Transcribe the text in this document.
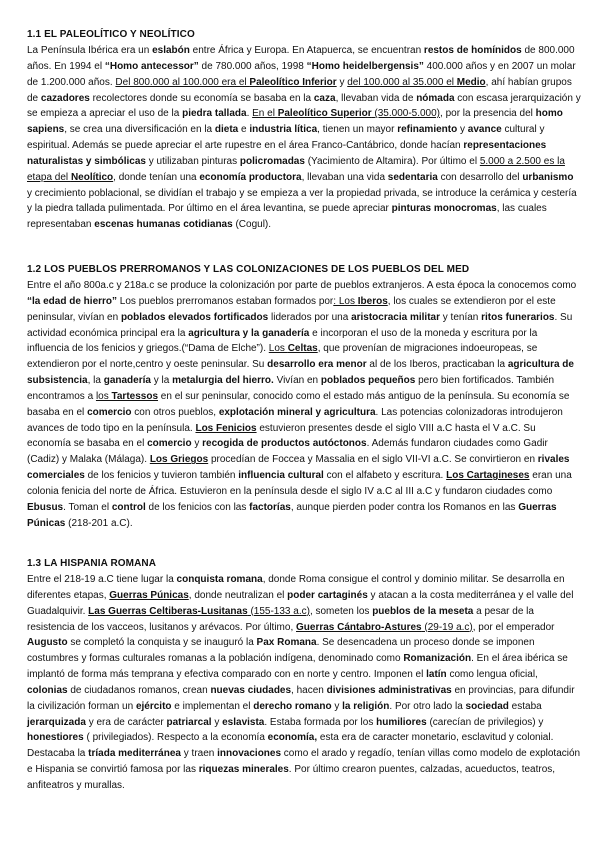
1.1 EL PALEOLÍTICO Y NEOLÍTICO

La Península Ibérica era un eslabón entre África y Europa. En Atapuerca, se encuentran restos de homínidos de 800.000 años. En 1994 el “Homo antecessor” de 780.000 años, 1998 “Homo heidelbergensis” 400.000 años y en 2007 un molar de 1.200.000 años. Del 800.000 al 100.000 era el Paleolítico Inferior y del 100.000 al 35.000 el Medio, ahí habían grupos de cazadores recolectores donde su economía se basaba en la caza, llevaban vida de nómada con escasa jerarquización y se empieza a apreciar el uso de la piedra tallada. En el Paleolítico Superior (35.000-5.000), por la presencia del homo sapiens, se crea una diversificación en la dieta e industria lítica, tienen un mayor refinamiento y avance cultural y espiritual. Además se puede apreciar el arte rupestre en el área Franco-Cantábrico, donde hacían representaciones naturalistas y simbólicas y utilizaban pinturas policromadas (Yacimiento de Altamira). Por último el 5.000 a 2.500 es la etapa del Neolítico, donde tenían una economía productora, llevaban una vida sedentaria con desarrollo del urbanismo y crecimiento poblacional, se dividían el trabajo y se empieza a ver la propiedad privada, se introduce la cerámica y cestería y la piedra tallada pulimentada. Por último en el área levantina, se puede apreciar pinturas monocromas, las cuales representaban escenas humanas cotidianas (Cogul).

1.2 LOS PUEBLOS PRERROMANOS Y LAS COLONIZACIONES DE LOS PUEBLOS DEL MED

Entre el año 800a.c y 218a.c se produce la colonización por parte de pueblos extranjeros. A esta época la conocemos como “la edad de hierro” Los pueblos prerromanos estaban formados por: Los Iberos, los cuales se extendieron por el este peninsular, vivían en poblados elevados fortificados liderados por una aristocracia militar y tenían ritos funerarios. Su actividad económica principal era la agricultura y la ganadería e incorporan el uso de la moneda y escritura por la influencia de los fenicios y griegos.(“Dama de Elche”). Los Celtas, que provenían de migraciones indoeuropeas, se extendieron por el norte,centro y oeste peninsular. Su desarrollo era menor al de los Iberos, practicaban la agricultura de subsistencia, la ganadería y la metalurgia del hierro. Vivían en poblados pequeños pero bien fortificados. También encontramos a los Tartessos en el sur peninsular, conocido como el estado más antiguo de la península. Su economía se basaba en el comercio con otros pueblos, explotación mineral y agricultura. Las potencias colonizadoras introdujeron avances de todo tipo en la península. Los Fenicios estuvieron presentes desde el siglo VIII a.C hasta el V a.C. Su economía se basaba en el comercio y recogida de productos autóctonos. Además fundaron ciudades como Gadir (Cadiz) y Malaka (Málaga). Los Griegos procedían de Foccea y Massalia en el siglo VII-VI a.C. Se convirtieron en rivales comerciales de los fenicios y tuvieron también influencia cultural con el alfabeto y escritura. Los Cartagineses eran una colonia fenicia del norte de África. Estuvieron en la península desde el siglo IV a.C al III a.C y fundaron ciudades como Ebusus. Toman el control de los fenicios con las factorías, aunque pierden poder contra los Romanos en las Guerras Púnicas (218-201 a.C).

1.3 LA HISPANIA ROMANA

Entre el 218-19 a.C tiene lugar la conquista romana, donde Roma consigue el control y dominio militar. Se desarrolla en diferentes etapas, Guerras Púnicas, donde neutralizan el poder cartaginés y atacan a la costa mediterránea y el valle del Guadalquivir. Las Guerras Celtiberas-Lusitanas (155-133 a.c), someten los pueblos de la meseta a pesar de la resistencia de los vacceos, lusitanos y arévacos. Por último, Guerras Cántabro-Astures (29-19 a.c), por el emperador Augusto se completó la conquista y se inauguró la Pax Romana. Se desencadena un proceso donde se imponen costumbres y formas culturales romanas a la población indígena, denominado como Romanización. En el área ibérica se implantó de forma más temprana y efectiva comparado con en norte y centro. Imponen el latín como lengua oficial, colonias de ciudadanos romanos, crean nuevas ciudades, hacen divisiones administrativas en provincias, para difundir la civilización forman un ejército e implementan el derecho romano y la religión. Por otro lado la sociedad estaba jerarquizada y era de carácter patriarcal y eslavista. Estaba formada por los humiliores (carecían de privilegios) y honestiores ( privilegiados). Respecto a la economía economía, esta era de caracter monetario, esclavitud y colonial. Destacaba la tríada mediterránea y traen innovaciones como el arado y regadío, tenían villas como modelo de explotación e Hispania se convirtió famosa por las riquezas minerales. Por último crearon puentes, calzadas, acueductos, teatros, anfiteatros y murallas.
